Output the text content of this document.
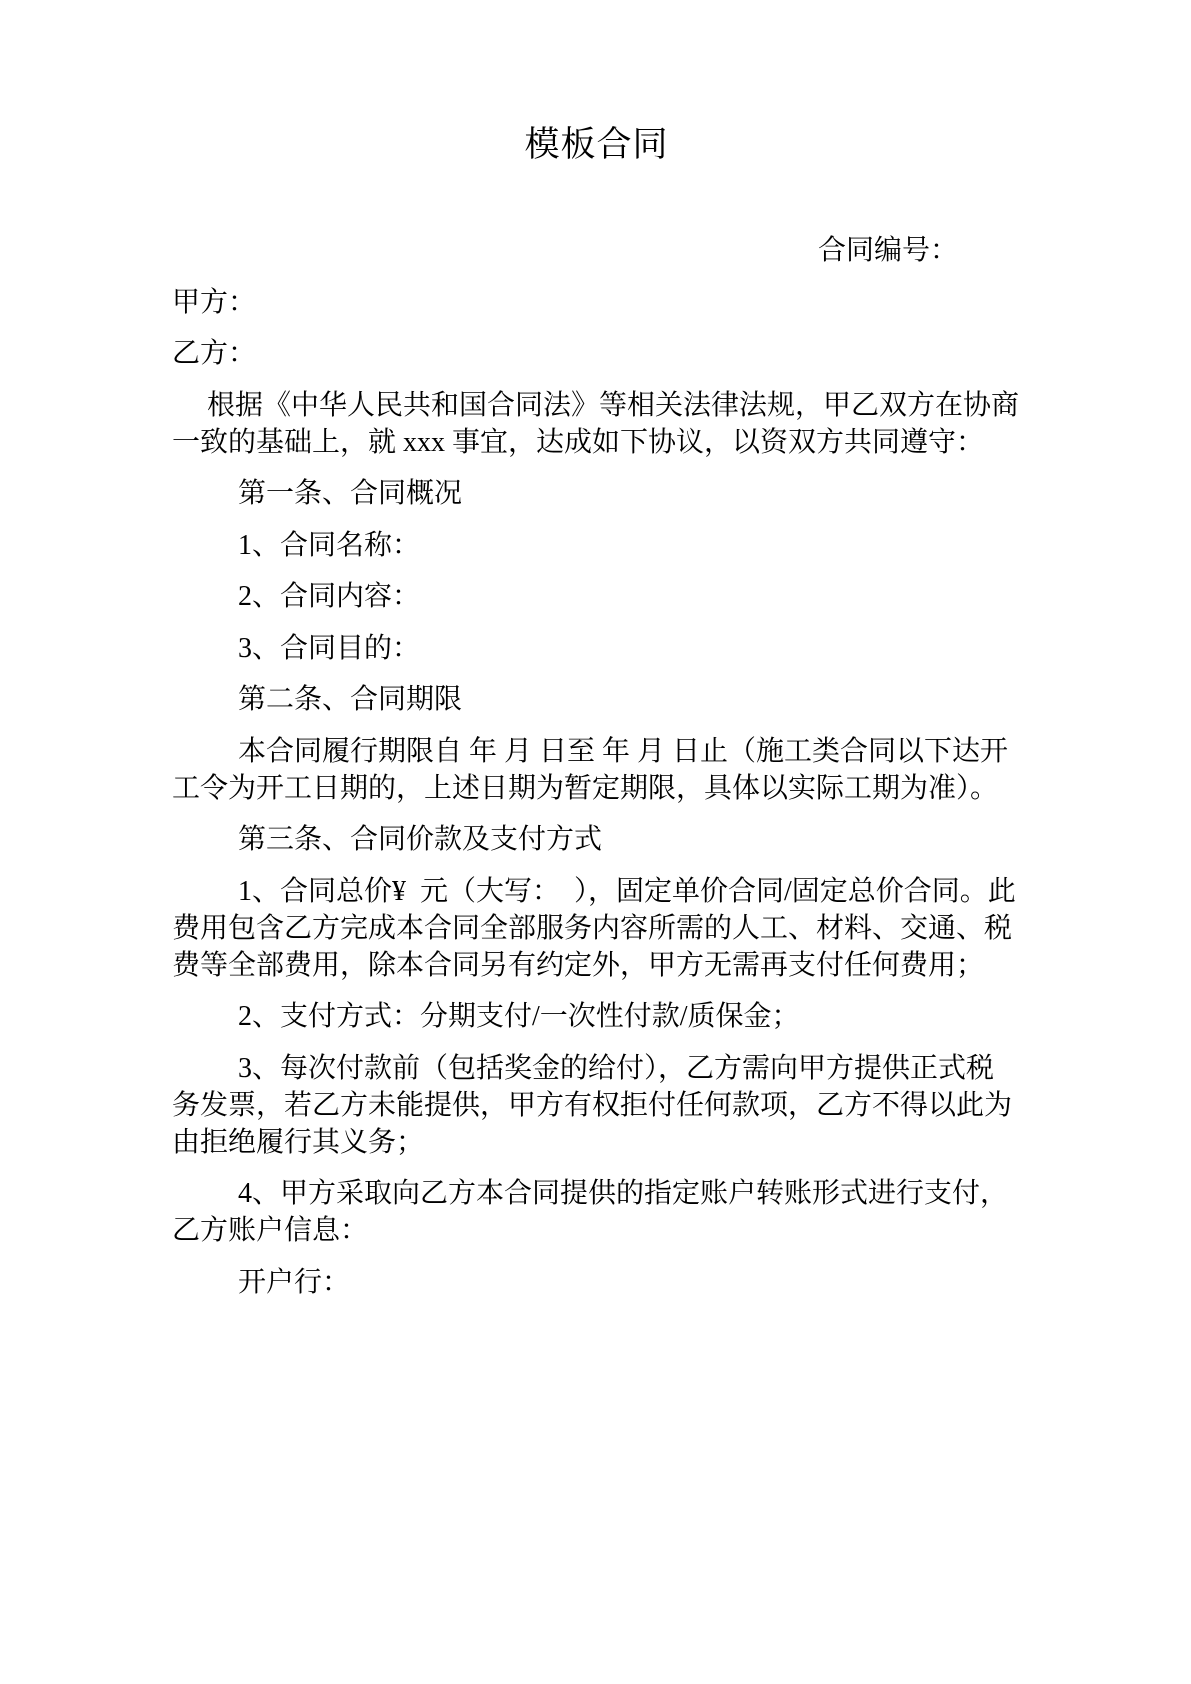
模板合同

合同编号：

甲方：

乙方：

根据《中华人民共和国合同法》等相关法律法规，甲乙双方在协商一致的基础上，就 xxx 事宜，达成如下协议，以资双方共同遵守：

第一条、合同概况

1、合同名称：

2、合同内容：

3、合同目的：

第二条、合同期限

本合同履行期限自 年 月 日至 年 月 日止（施工类合同以下达开工令为开工日期的，上述日期为暂定期限，具体以实际工期为准）。

第三条、合同价款及支付方式

1、合同总价¥  元（大写：  ），固定单价合同/固定总价合同。此费用包含乙方完成本合同全部服务内容所需的人工、材料、交通、税费等全部费用，除本合同另有约定外，甲方无需再支付任何费用；

2、支付方式：分期支付/一次性付款/质保金；

3、每次付款前（包括奖金的给付），乙方需向甲方提供正式税务发票，若乙方未能提供，甲方有权拒付任何款项，乙方不得以此为由拒绝履行其义务；

4、甲方采取向乙方本合同提供的指定账户转账形式进行支付，乙方账户信息：

开户行：
